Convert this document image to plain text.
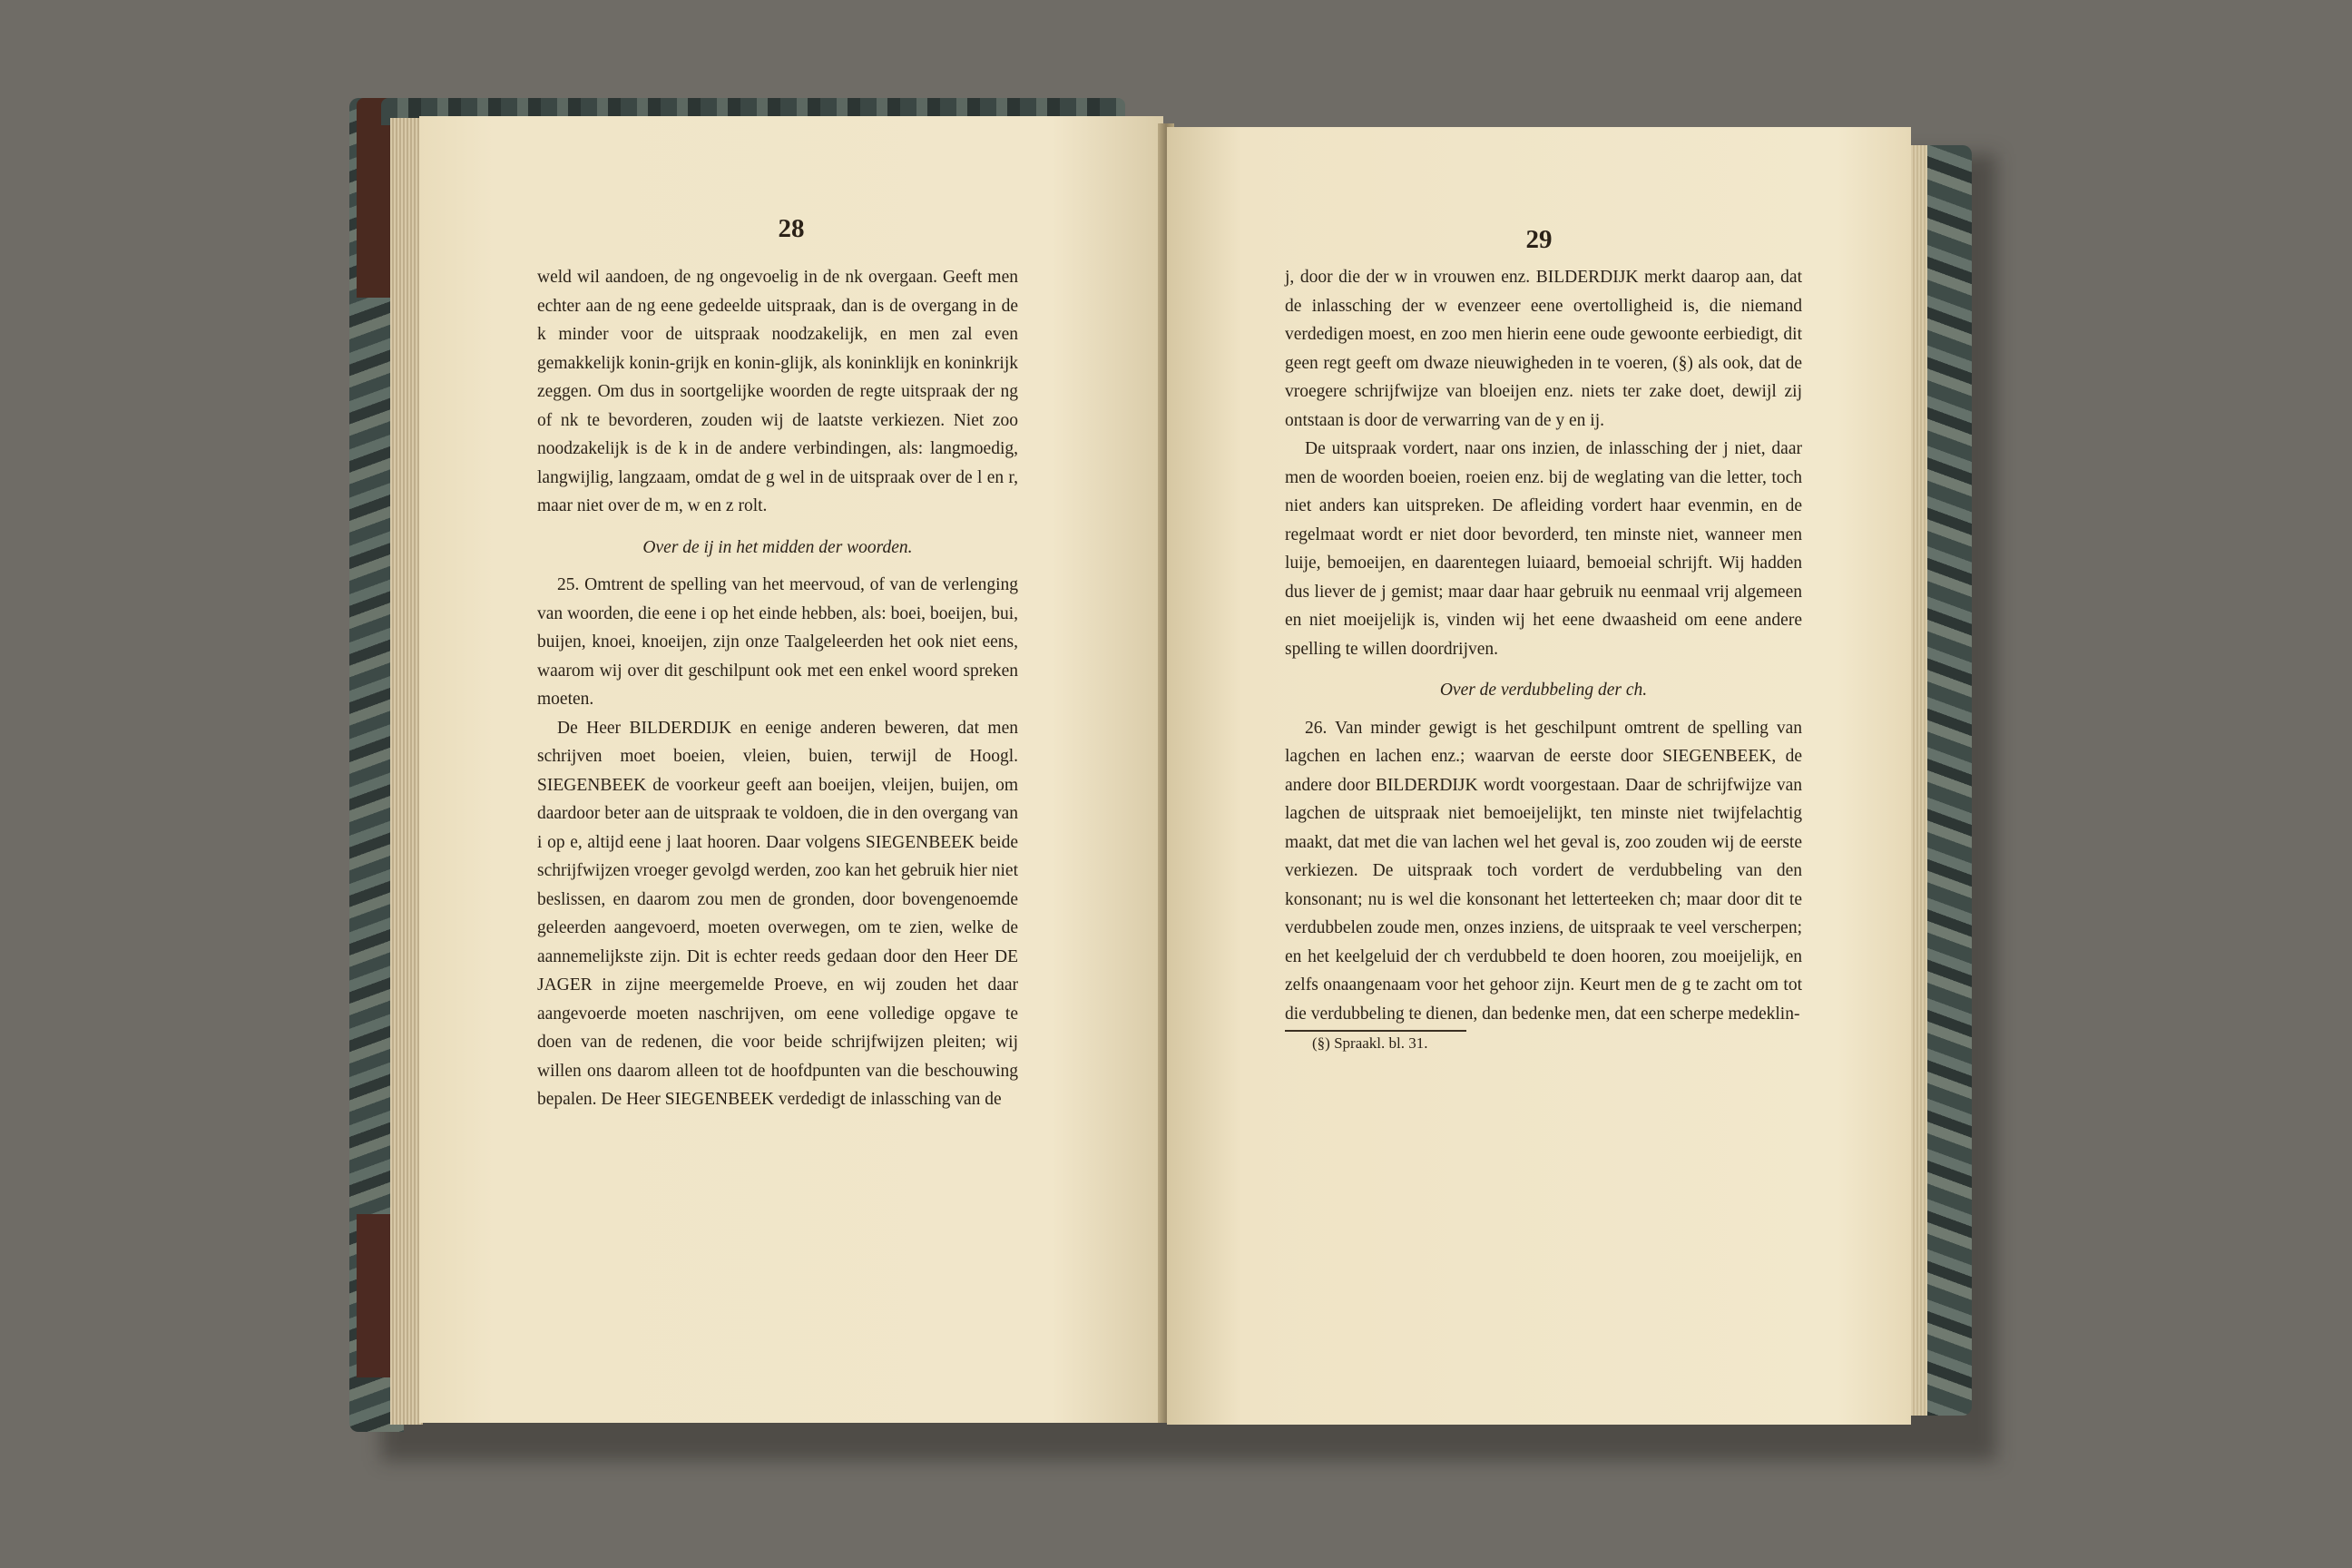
28

weld wil aandoen, de ng ongevoelig in de nk overgaan. Geeft men echter aan de ng eene gedeelde uitspraak, dan is de overgang in de k minder voor de uitspraak noodzakelijk, en men zal even gemakkelijk konin-grijk en konin-glijk, als koninklijk en koninkrijk zeggen. Om dus in soortgelijke woorden de regte uitspraak der ng of nk te bevorderen, zouden wij de laatste verkiezen. Niet zoo noodzakelijk is de k in de andere verbindingen, als: langmoedig, langwijlig, langzaam, omdat de g wel in de uitspraak over de l en r, maar niet over de m, w en z rolt.

Over de ij in het midden der woorden.

25. Omtrent de spelling van het meervoud, of van de verlenging van woorden, die eene i op het einde hebben, als: boei, boeijen, bui, buijen, knoei, knoeijen, zijn onze Taalgeleerden het ook niet eens, waarom wij over dit geschilpunt ook met een enkel woord spreken moeten.

De Heer BILDERDIJK en eenige anderen beweren, dat men schrijven moet boeien, vleien, buien, terwijl de Hoogl. SIEGENBEEK de voorkeur geeft aan boeijen, vleijen, buijen, om daardoor beter aan de uitspraak te voldoen, die in den overgang van i op e, altijd eene j laat hooren. Daar volgens SIEGENBEEK beide schrijfwijzen vroeger gevolgd werden, zoo kan het gebruik hier niet beslissen, en daarom zou men de gronden, door bovengenoemde geleerden aangevoerd, moeten overwegen, om te zien, welke de aannemelijkste zijn. Dit is echter reeds gedaan door den Heer DE JAGER in zijne meergemelde Proeve, en wij zouden het daar aangevoerde moeten naschrijven, om eene volledige opgave te doen van de redenen, die voor beide schrijfwijzen pleiten; wij willen ons daarom alleen tot de hoofdpunten van die beschouwing bepalen. De Heer SIEGENBEEK verdedigt de inlassching van de

29

j, door die der w in vrouwen enz. BILDERDIJK merkt daarop aan, dat de inlassching der w evenzeer eene overtolligheid is, die niemand verdedigen moest, en zoo men hierin eene oude gewoonte eerbiedigt, dit geen regt geeft om dwaze nieuwigheden in te voeren, (§) als ook, dat de vroegere schrijfwijze van bloeijen enz. niets ter zake doet, dewijl zij ontstaan is door de verwarring van de y en ij.

De uitspraak vordert, naar ons inzien, de inlassching der j niet, daar men de woorden boeien, roeien enz. bij de weglating van die letter, toch niet anders kan uitspreken. De afleiding vordert haar evenmin, en de regelmaat wordt er niet door bevorderd, ten minste niet, wanneer men luije, bemoeijen, en daarentegen luiaard, bemoeial schrijft. Wij hadden dus liever de j gemist; maar daar haar gebruik nu eenmaal vrij algemeen en niet moeijelijk is, vinden wij het eene dwaasheid om eene andere spelling te willen doordrijven.

Over de verdubbeling der ch.

26. Van minder gewigt is het geschilpunt omtrent de spelling van lagchen en lachen enz.; waarvan de eerste door SIEGENBEEK, de andere door BILDERDIJK wordt voorgestaan. Daar de schrijfwijze van lagchen de uitspraak niet bemoeijelijkt, ten minste niet twijfelachtig maakt, dat met die van lachen wel het geval is, zoo zouden wij de eerste verkiezen. De uitspraak toch vordert de verdubbeling van den konsonant; nu is wel die konsonant het letterteeken ch; maar door dit te verdubbelen zoude men, onzes inziens, de uitspraak te veel verscherpen; en het keelgeluid der ch verdubbeld te doen hooren, zou moeijelijk, en zelfs onaangenaam voor het gehoor zijn. Keurt men de g te zacht om tot die verdubbeling te dienen, dan bedenke men, dat een scherpe medeklin-

(§) Spraakl. bl. 31.
